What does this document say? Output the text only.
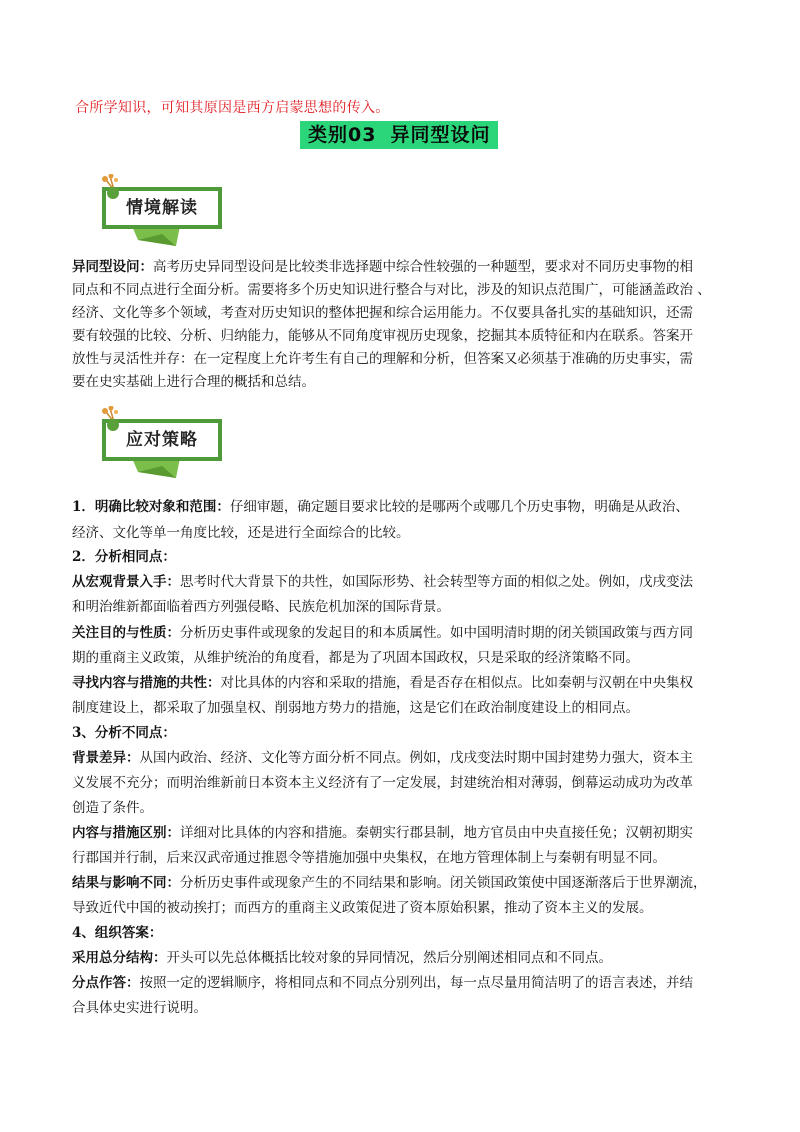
合所学知识，可知其原因是西方启蒙思想的传入。
类别03 异同型设问
情境解读
异同型设问：高考历史异同型设问是比较类非选择题中综合性较强的一种题型，要求对不同历史事物的相
同点和不同点进行全面分析。需要将多个历史知识进行整合与对比，涉及的知识点范围广，可能涵盖政治 、
经济、文化等多个领域，考查对历史知识的整体把握和综合运用能力。不仅要具备扎实的基础知识，还需
要有较强的比较、分析、归纳能力，能够从不同角度审视历史现象，挖掘其本质特征和内在联系。答案开
放性与灵活性并存：在一定程度上允许考生有自己的理解和分析，但答案又必须基于准确的历史事实，需
要在史实基础上进行合理的概括和总结。
应对策略
1．明确比较对象和范围：仔细审题，确定题目要求比较的是哪两个或哪几个历史事物，明确是从政治、
经济、文化等单一角度比较，还是进行全面综合的比较。
2．分析相同点：
从宏观背景入手：思考时代大背景下的共性，如国际形势、社会转型等方面的相似之处。例如，戊戌变法
和明治维新都面临着西方列强侵略、民族危机加深的国际背景。
关注目的与性质：分析历史事件或现象的发起目的和本质属性。如中国明清时期的闭关锁国政策与西方同
期的重商主义政策，从维护统治的角度看，都是为了巩固本国政权，只是采取的经济策略不同。
寻找内容与措施的共性：对比具体的内容和采取的措施，看是否存在相似点。比如秦朝与汉朝在中央集权
制度建设上，都采取了加强皇权、削弱地方势力的措施，这是它们在政治制度建设上的相同点。
3、分析不同点：
背景差异：从国内政治、经济、文化等方面分析不同点。例如，戊戌变法时期中国封建势力强大，资本主
义发展不充分；而明治维新前日本资本主义经济有了一定发展，封建统治相对薄弱，倒幕运动成功为改革
创造了条件。
内容与措施区别：详细对比具体的内容和措施。秦朝实行郡县制，地方官员由中央直接任免；汉朝初期实
行郡国并行制，后来汉武帝通过推恩令等措施加强中央集权，在地方管理体制上与秦朝有明显不同。
结果与影响不同：分析历史事件或现象产生的不同结果和影响。闭关锁国政策使中国逐渐落后于世界潮流，
导致近代中国的被动挨打；而西方的重商主义政策促进了资本原始积累，推动了资本主义的发展。
4、组织答案：
采用总分结构：开头可以先总体概括比较对象的异同情况，然后分别阐述相同点和不同点。
分点作答：按照一定的逻辑顺序，将相同点和不同点分别列出，每一点尽量用简洁明了的语言表述，并结
合具体史实进行说明。
